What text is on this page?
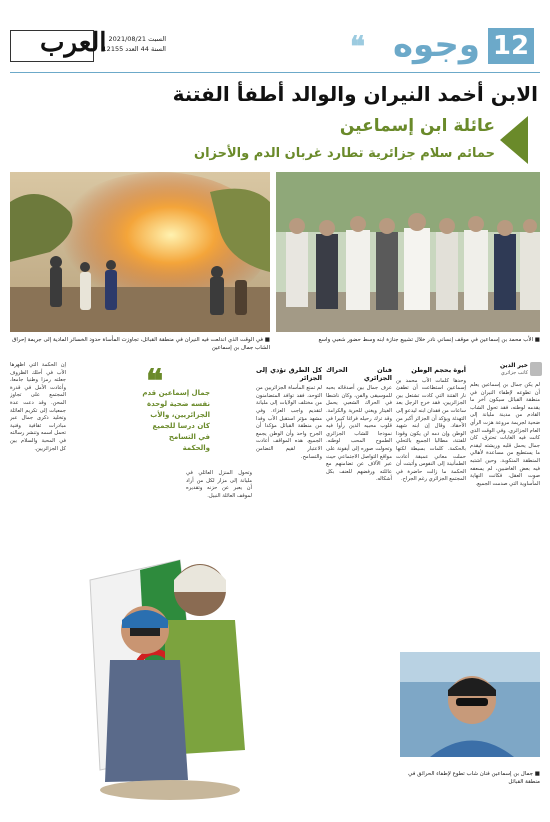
العرب السبت 2021/08/21
السنة 44 العدد 12155	❝ وجوه 12
الابن أخمد النيران والوالد أطفأ الفتنة
عائلة ابن إسماعين
حمائم سلام جزائرية تطارد غربان الدم والأحزان
■ في الوقت الذي اندلعت فيه النيران في منطقة القبائل، تجاوزت المأساة حدود الخسائر المادية إلى جريمة إحراق الشاب جمال بن إسماعين
■ الأب محمد بن إسماعين في موقف إنساني نادر خلال تشييع جنازة ابنه وسط حضور شعبي واسع
خير الدين
كاتب جزائري
لم يكن جمال بن إسماعين يعلم أن تطوعه لإطفاء النيران في منطقة القبائل سيكون آخر ما يقدمه لوطنه، فقد تحول الشاب القادم من مدينة مليانة إلى ضحية لجريمة مروعة هزت الرأي العام الجزائري. وفي الوقت الذي كانت فيه الغابات تحترق، كان جمال يحمل قلبه وريشته ليقدم ما يستطيع من مساعدة لأهالي المنطقة المنكوبة. وحين اشتبه فيه بعض الغاضبين، لم يسعفه صوت العقل، فكانت النهاية المأساوية التي صدمت الجميع.
أبوة بحجم الوطن
وحدها كلمات الأب محمد بن إسماعين استطاعت أن تطفئ نار الفتنة التي كادت تشتعل بين الجزائريين، فقد خرج الرجل بعد ساعات من فقدان ابنه ليدعو إلى التهدئة ويؤكد أن الجزائر أكبر من الأحقاد. وقال إن ابنه شهيد الوطن وإن دمه لن يكون وقودا للفتنة، مطالبا الجميع بالتحلي بالحكمة. كلمات بسيطة لكنها حملت معاني عميقة أعادت الطمأنينة إلى النفوس وأثبتت أن الحكمة ما زالت حاضرة في المجتمع الجزائري رغم الجراح.
فنان الحراك الجزائري
عرف جمال بين أصدقائه بحبه للموسيقى والفن، وكان ناشطا في الحراك الشعبي يحمل الغيتار ويغني للحرية والكرامة. وقد ترك رحيله فراغا كبيرا في قلوب محبيه الذين رأوا فيه نموذجا للشاب الجزائري الطموح المحب لوطنه. وتحولت صوره إلى أيقونة على مواقع التواصل الاجتماعي حيث عبر الآلاف عن تضامنهم مع عائلته ورفضهم للعنف بكل أشكاله.
كل الطرق تؤدي إلى الجزائر
لم تمنع المأساة الجزائريين من التوحد، فقد توافد المتضامنون من مختلف الولايات إلى مليانة لتقديم واجب العزاء. وفي مشهد مؤثر استقبل الأب وفدا من منطقة القبائل مؤكدا أن الجرح واحد وأن الوطن يجمع الجميع. هذه المواقف أعادت الاعتبار لقيم التضامن والتسامح.
وتحول المنزل العائلي في مليانة إلى مزار لكل من أراد أن يعبر عن حزنه وتقديره لموقف العائلة النبيل.
إن الحكمة التي أظهرها الأب في أحلك الظروف جعلته رمزا وطنيا جامعا، وأعادت الأمل في قدرة المجتمع على تجاوز المحن. وقد دعت عدة جمعيات إلى تكريم العائلة وتخليد ذكرى جمال عبر مبادرات ثقافية وفنية تحمل اسمه وتنشر رسالته في المحبة والسلام بين كل الجزائريين.
❝
جمال إسماعين قدم نفسه ضحية لوحدة الجزائريين، والأب كان درسا للجميع في التسامح والحكمة
■ جمال بن إسماعين فنان شاب تطوع لإطفاء الحرائق في منطقة القبائل
